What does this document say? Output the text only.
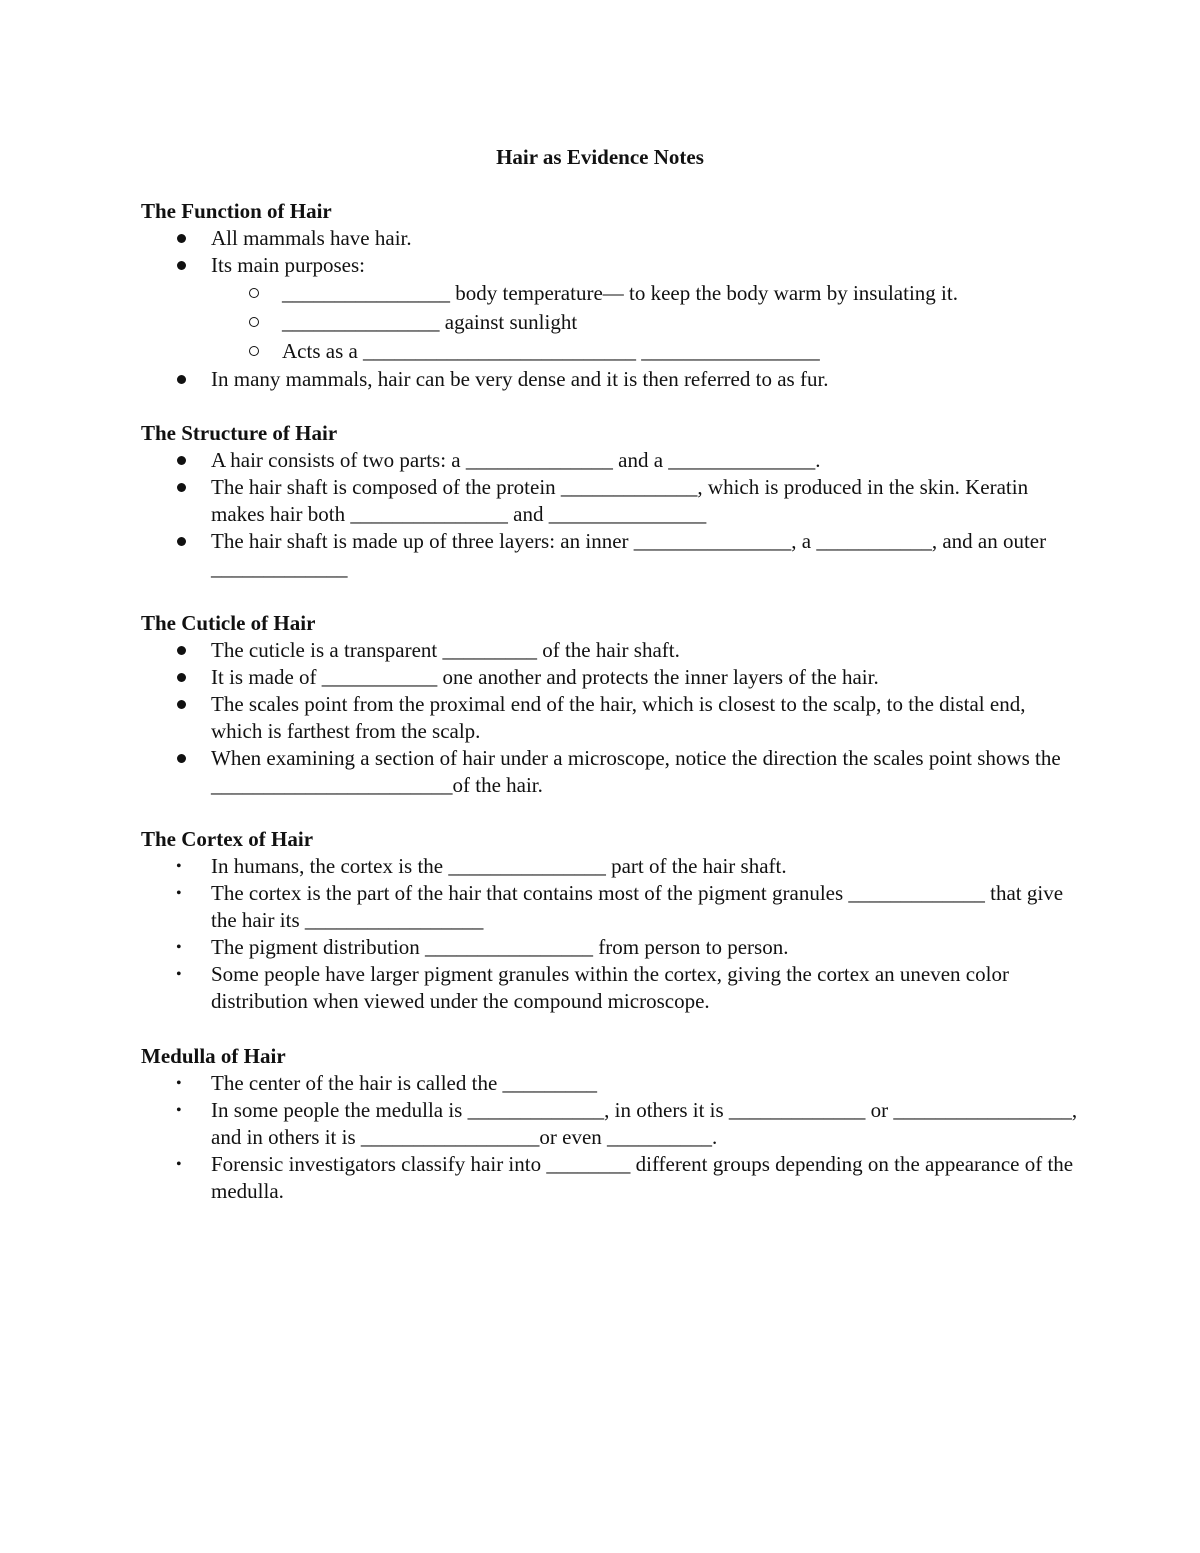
Hair as Evidence Notes
The Function of Hair
All mammals have hair.
Its main purposes:
________________ body temperature— to keep the body warm by insulating it.
_______________ against sunlight
Acts as a __________________________ _________________
In many mammals, hair can be very dense and it is then referred to as fur.
The Structure of Hair
A hair consists of two parts: a ______________ and a ______________.
The hair shaft is composed of the protein _____________, which is produced in the skin. Keratin makes hair both _______________ and _______________
The hair shaft is made up of three layers: an inner _______________, a ___________, and an outer _____________
The Cuticle of Hair
The cuticle is a transparent _________ of the hair shaft.
It is made of ___________ one another and protects the inner layers of the hair.
The scales point from the proximal end of the hair, which is closest to the scalp, to the distal end, which is farthest from the scalp.
When examining a section of hair under a microscope, notice the direction the scales point shows the _______________________of the hair.
The Cortex of Hair
• In humans, the cortex is the _______________ part of the hair shaft.
• The cortex is the part of the hair that contains most of the pigment granules _____________ that give the hair its _________________
• The pigment distribution ________________ from person to person.
• Some people have larger pigment granules within the cortex, giving the cortex an uneven color distribution when viewed under the compound microscope.
Medulla of Hair
• The center of the hair is called the _________
• In some people the medulla is _____________, in others it is _____________ or _________________, and in others it is _________________or even __________.
• Forensic investigators classify hair into ________ different groups depending on the appearance of the medulla.
